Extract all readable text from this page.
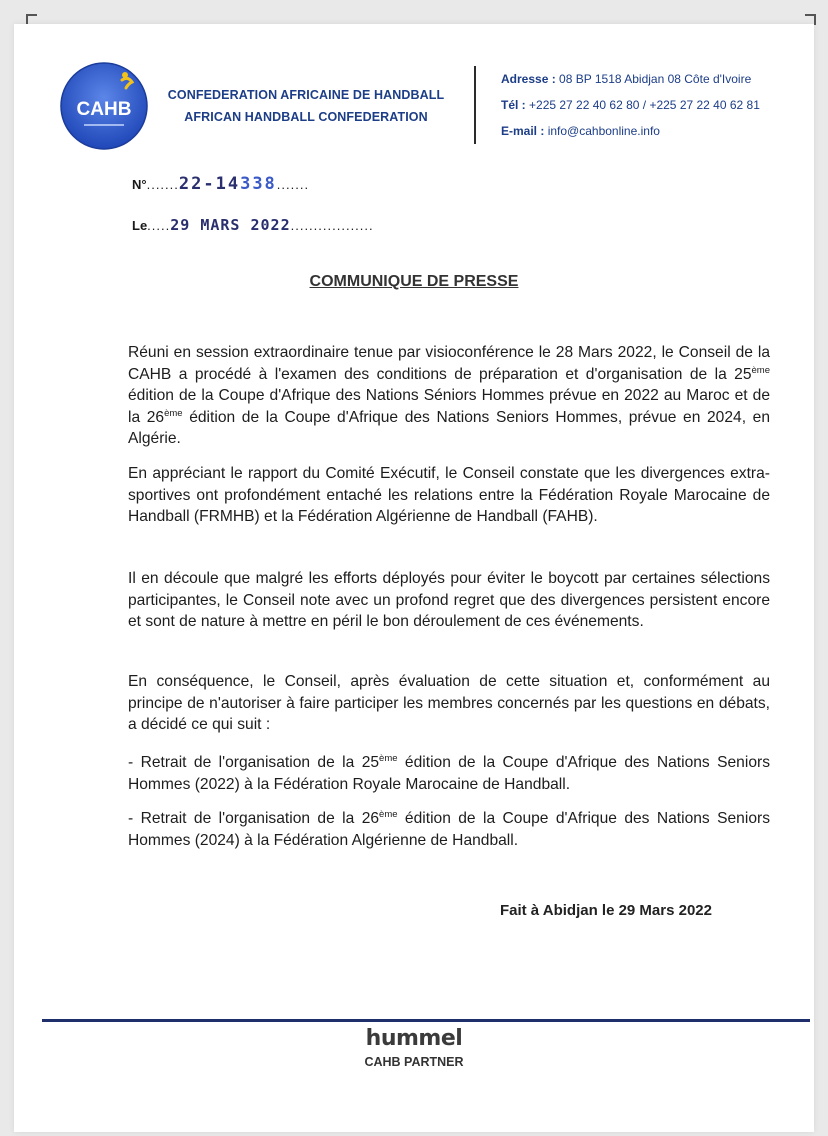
CAHB
CONFEDERATION AFRICAINE DE HANDBALL
AFRICAN HANDBALL CONFEDERATION
Adresse : 08 BP 1518 Abidjan 08 Côte d'Ivoire
Tél : +225 27 22 40 62 80 / +225 27 22 40 62 81
E-mail : info@cahbonline.info
N°.......22-14338.......
Le.....29 MARS 2022..................
COMMUNIQUE DE PRESSE
Réuni en session extraordinaire tenue par visioconférence le 28 Mars 2022, le Conseil de la CAHB a procédé à l'examen des conditions de préparation et d'organisation de la 25ème édition de la Coupe d'Afrique des Nations Séniors Hommes prévue en 2022 au Maroc et de la 26ème édition de la Coupe d'Afrique des Nations Seniors Hommes, prévue en 2024, en Algérie.
En appréciant le rapport du Comité Exécutif, le Conseil constate que les divergences extra-sportives ont profondément entaché les relations entre la Fédération Royale Marocaine de Handball (FRMHB) et la Fédération Algérienne de Handball (FAHB).
Il en découle que malgré les efforts déployés pour éviter le boycott par certaines sélections participantes, le Conseil note avec un profond regret que des divergences persistent encore et sont de nature à mettre en péril le bon déroulement de ces événements.
En conséquence, le Conseil, après évaluation de cette situation et, conformément au principe de n'autoriser à faire participer les membres concernés par les questions en débats, a décidé ce qui suit :
- Retrait de l'organisation de la 25ème édition de la Coupe d'Afrique des Nations Seniors Hommes (2022) à la Fédération Royale Marocaine de Handball.
- Retrait de l'organisation de la 26ème édition de la Coupe d'Afrique des Nations Seniors Hommes (2024) à la Fédération Algérienne de Handball.
Fait à Abidjan le 29 Mars 2022
hummel
CAHB PARTNER
